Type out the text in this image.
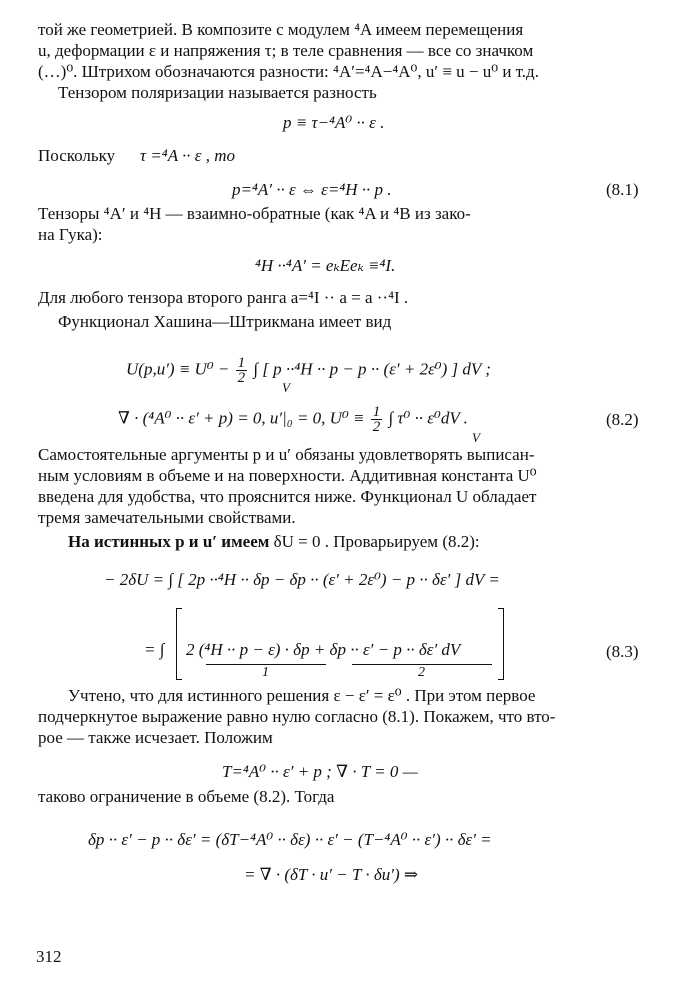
той же геометрией. В композите с модулем ⁴A имеем перемещения
u, деформации ε и напряжения τ; в теле сравнения — все со значком
(…)⁰. Штрихом обозначаются разности: ⁴A′=⁴A−⁴A⁰, u′ ≡ u − u⁰ и т.д.
Тензором поляризации называется разность
p ≡ τ−⁴A⁰ ·· ε .
Поскольку τ =⁴A ·· ε , то
p=⁴A′ ·· ε ⇔ ε=⁴H ·· p .	(8.1)
Тензоры ⁴A′ и ⁴H — взаимно-обратные (как ⁴A и ⁴B из зако-
на Гука):
⁴H ··⁴A′ = eₖEeₖ ≡⁴I.
Для любого тензора второго ранга a=⁴I ·· a = a ··⁴I .
Функционал Хашина—Штрикмана имеет вид
$U(p,u') \equiv U^0 - \frac{1}{2}$ ∫ [ p ··⁴H ·· p − p ·· (ε′ + 2ε⁰) ] dV ;
V
∇ · (⁴A⁰ ·· ε′ + p) = 0, u′|₀ = 0, $U^0 \equiv \frac{1}{2}$ ∫ τ⁰ ·· ε⁰dV .
V
(8.2)
Самостоятельные аргументы p и u′ обязаны удовлетворять выписан-
ным условиям в объеме и на поверхности. Аддитивная константа U⁰
введена для удобства, что прояснится ниже. Функционал U обладает
тремя замечательными свойствами.
На истинных p и u′ имеем δU = 0 . Проварьируем (8.2):
− 2δU = ∫ [ 2p ··⁴H ·· δp − δp ·· (ε′ + 2ε⁰) − p ·· δε′ ] dV =
= ∫ 2 (⁴H ·· p − ε) · δp + δp ·· ε′ − p ·· δε′ dV
1	2
(8.3)
Учтено, что для истинного решения ε − ε′ = ε⁰ . При этом первое
подчеркнутое выражение равно нулю согласно (8.1). Покажем, что вто-
рое — также исчезает. Положим
T=⁴A⁰ ·· ε′ + p ; ∇ · T = 0 —
таково ограничение в объеме (8.2). Тогда
δp ·· ε′ − p ·· δε′ = (δT−⁴A⁰ ·· δε) ·· ε′ − (T−⁴A⁰ ·· ε′) ·· δε′ =
= ∇ · (δT · u′ − T · δu′) ⇒
312
